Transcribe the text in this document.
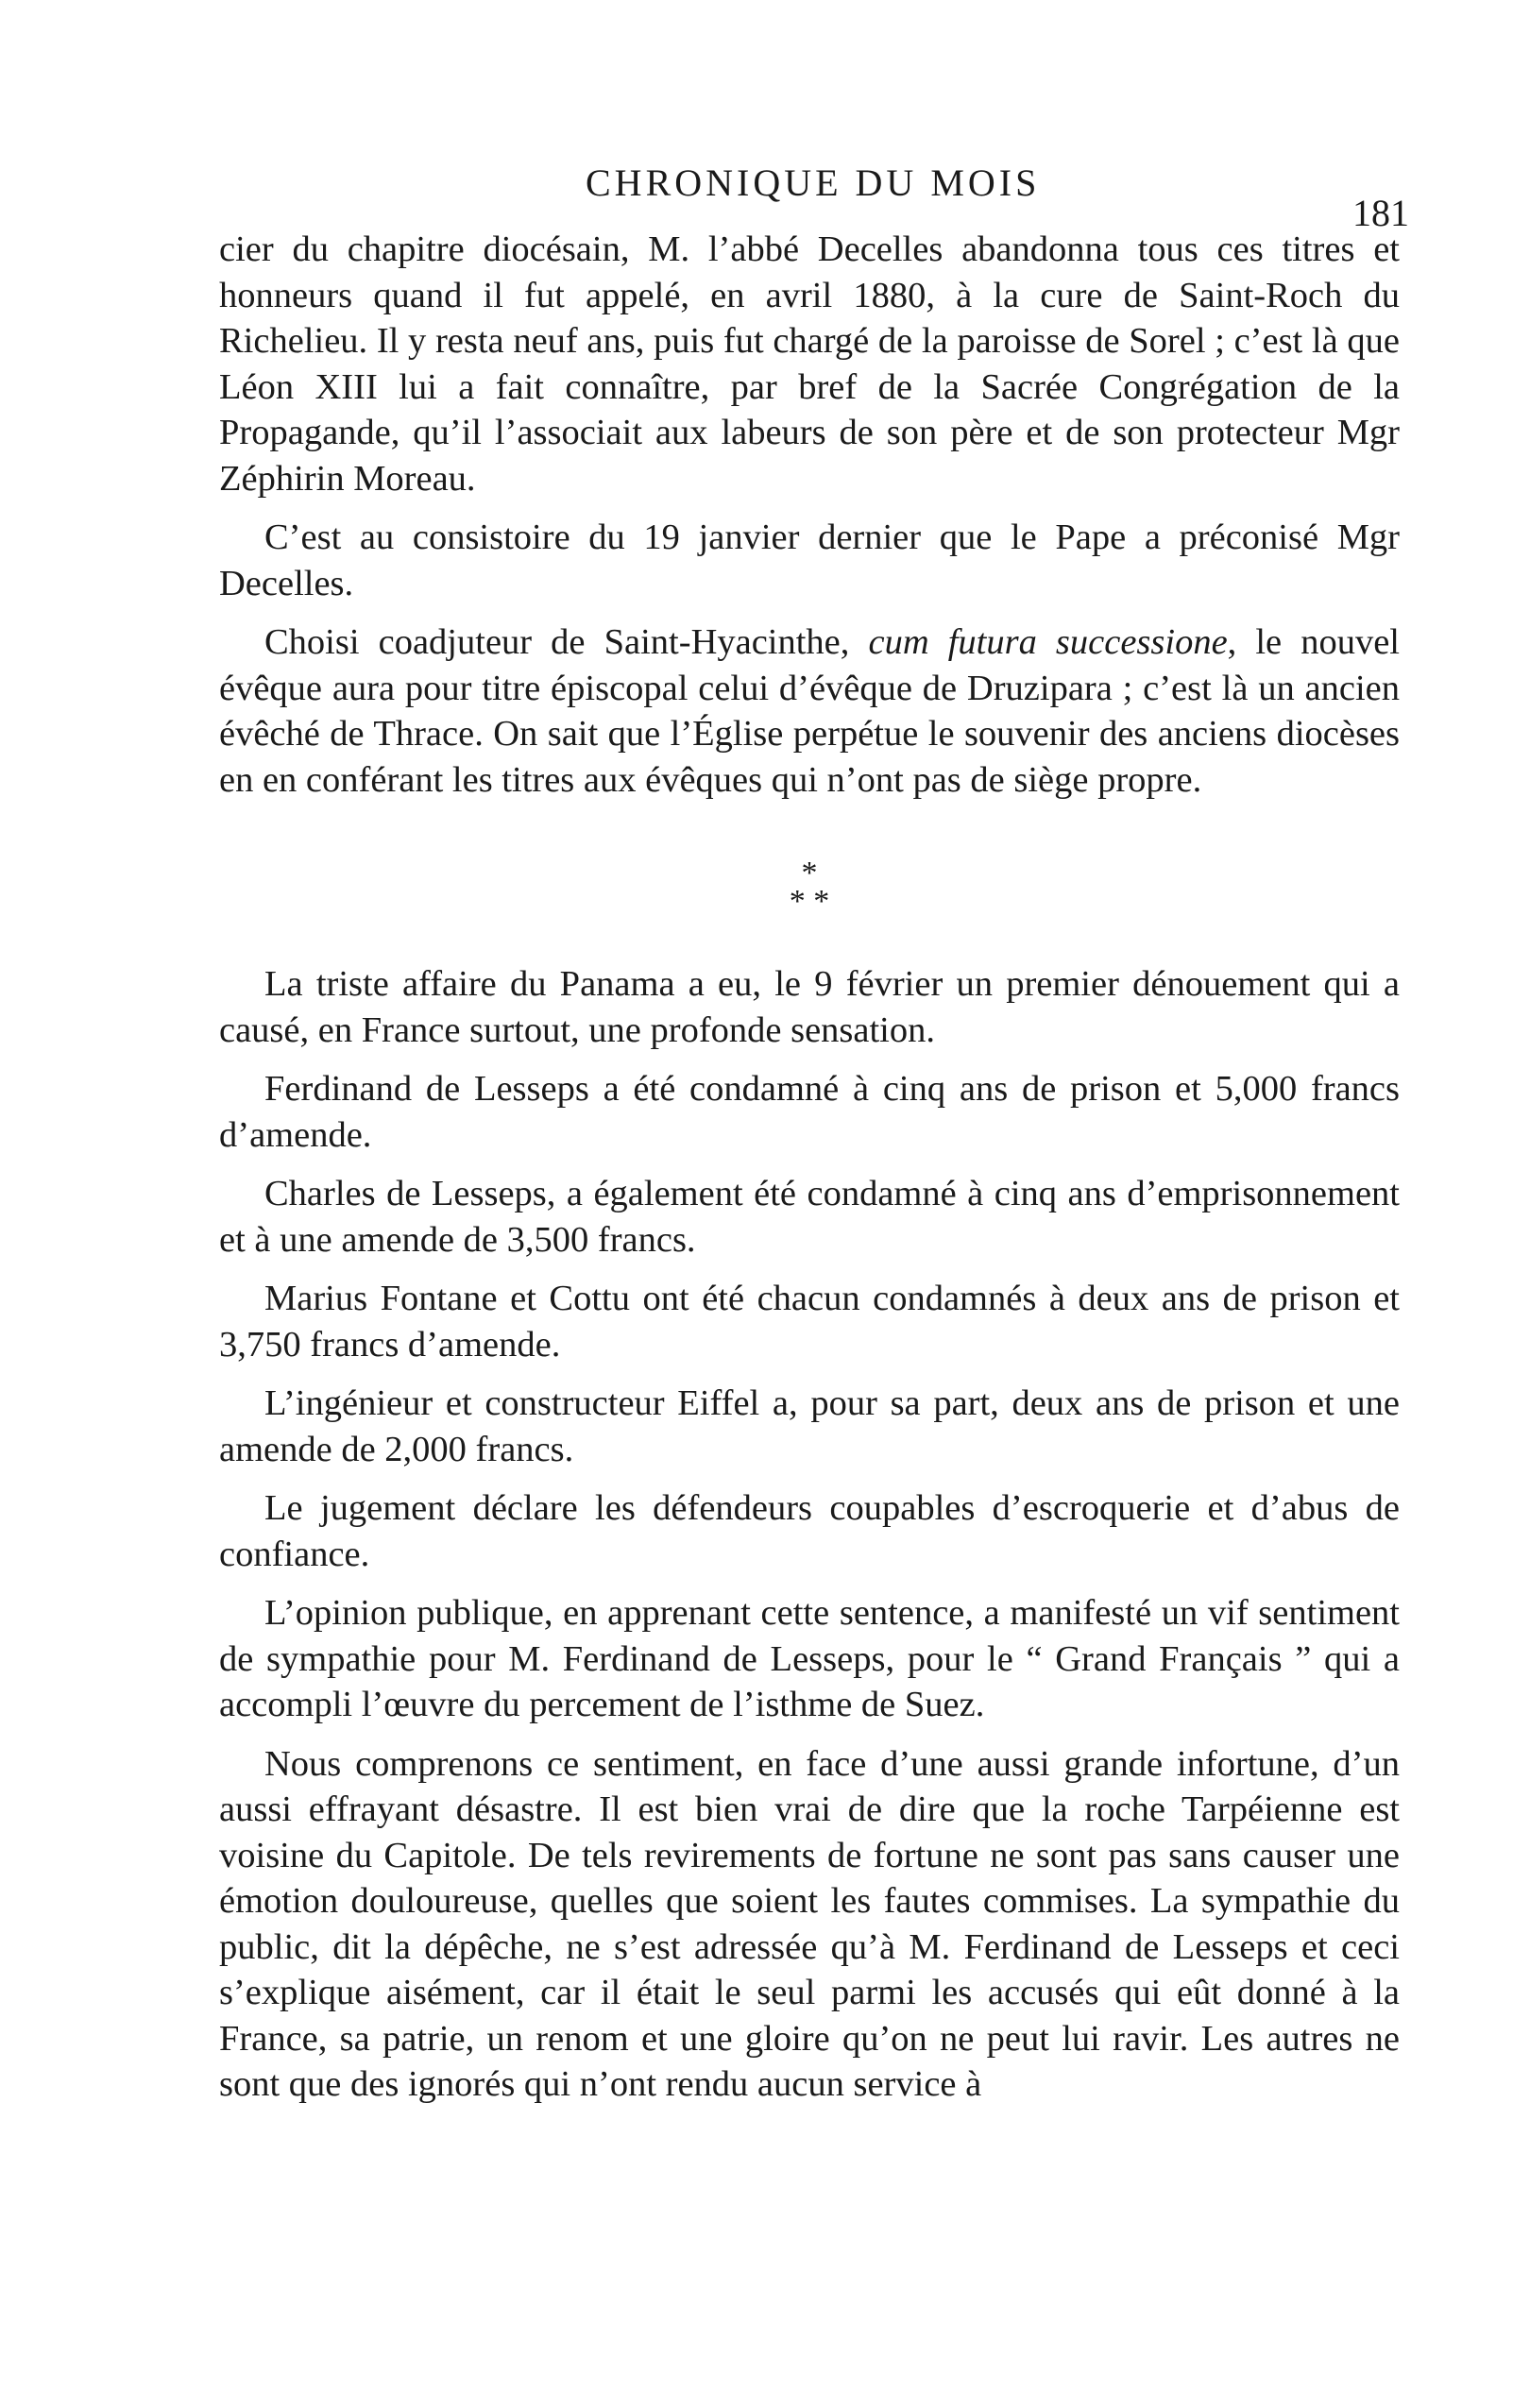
CHRONIQUE DU MOIS
181

cier du chapitre diocésain, M. l’abbé Decelles abandonna tous ces titres et honneurs quand il fut appelé, en avril 1880, à la cure de Saint-Roch du Richelieu. Il y resta neuf ans, puis fut chargé de la paroisse de Sorel ; c’est là que Léon XIII lui a fait connaître, par bref de la Sacrée Congrégation de la Propagande, qu’il l’associait aux labeurs de son père et de son protecteur Mgr Zéphirin Moreau.

C’est au consistoire du 19 janvier dernier que le Pape a préconisé Mgr Decelles.

Choisi coadjuteur de Saint-Hyacinthe, cum futura successione, le nouvel évêque aura pour titre épiscopal celui d’évêque de Druzipara ; c’est là un ancien évêché de Thrace. On sait que l’Église perpétue le souvenir des anciens diocèses en en conférant les titres aux évêques qui n’ont pas de siège propre.

*
* *

La triste affaire du Panama a eu, le 9 février un premier dénouement qui a causé, en France surtout, une profonde sensation.

Ferdinand de Lesseps a été condamné à cinq ans de prison et 5,000 francs d’amende.

Charles de Lesseps, a également été condamné à cinq ans d’emprisonnement et à une amende de 3,500 francs.

Marius Fontane et Cottu ont été chacun condamnés à deux ans de prison et 3,750 francs d’amende.

L’ingénieur et constructeur Eiffel a, pour sa part, deux ans de prison et une amende de 2,000 francs.

Le jugement déclare les défendeurs coupables d’escroquerie et d’abus de confiance.

L’opinion publique, en apprenant cette sentence, a manifesté un vif sentiment de sympathie pour M. Ferdinand de Lesseps, pour le “ Grand Français ” qui a accompli l’œuvre du percement de l’isthme de Suez.

Nous comprenons ce sentiment, en face d’une aussi grande infortune, d’un aussi effrayant désastre. Il est bien vrai de dire que la roche Tarpéienne est voisine du Capitole. De tels revirements de fortune ne sont pas sans causer une émotion douloureuse, quelles que soient les fautes commises. La sympathie du public, dit la dépêche, ne s’est adressée qu’à M. Ferdinand de Lesseps et ceci s’explique aisément, car il était le seul parmi les accusés qui eût donné à la France, sa patrie, un renom et une gloire qu’on ne peut lui ravir. Les autres ne sont que des ignorés qui n’ont rendu aucun service à
